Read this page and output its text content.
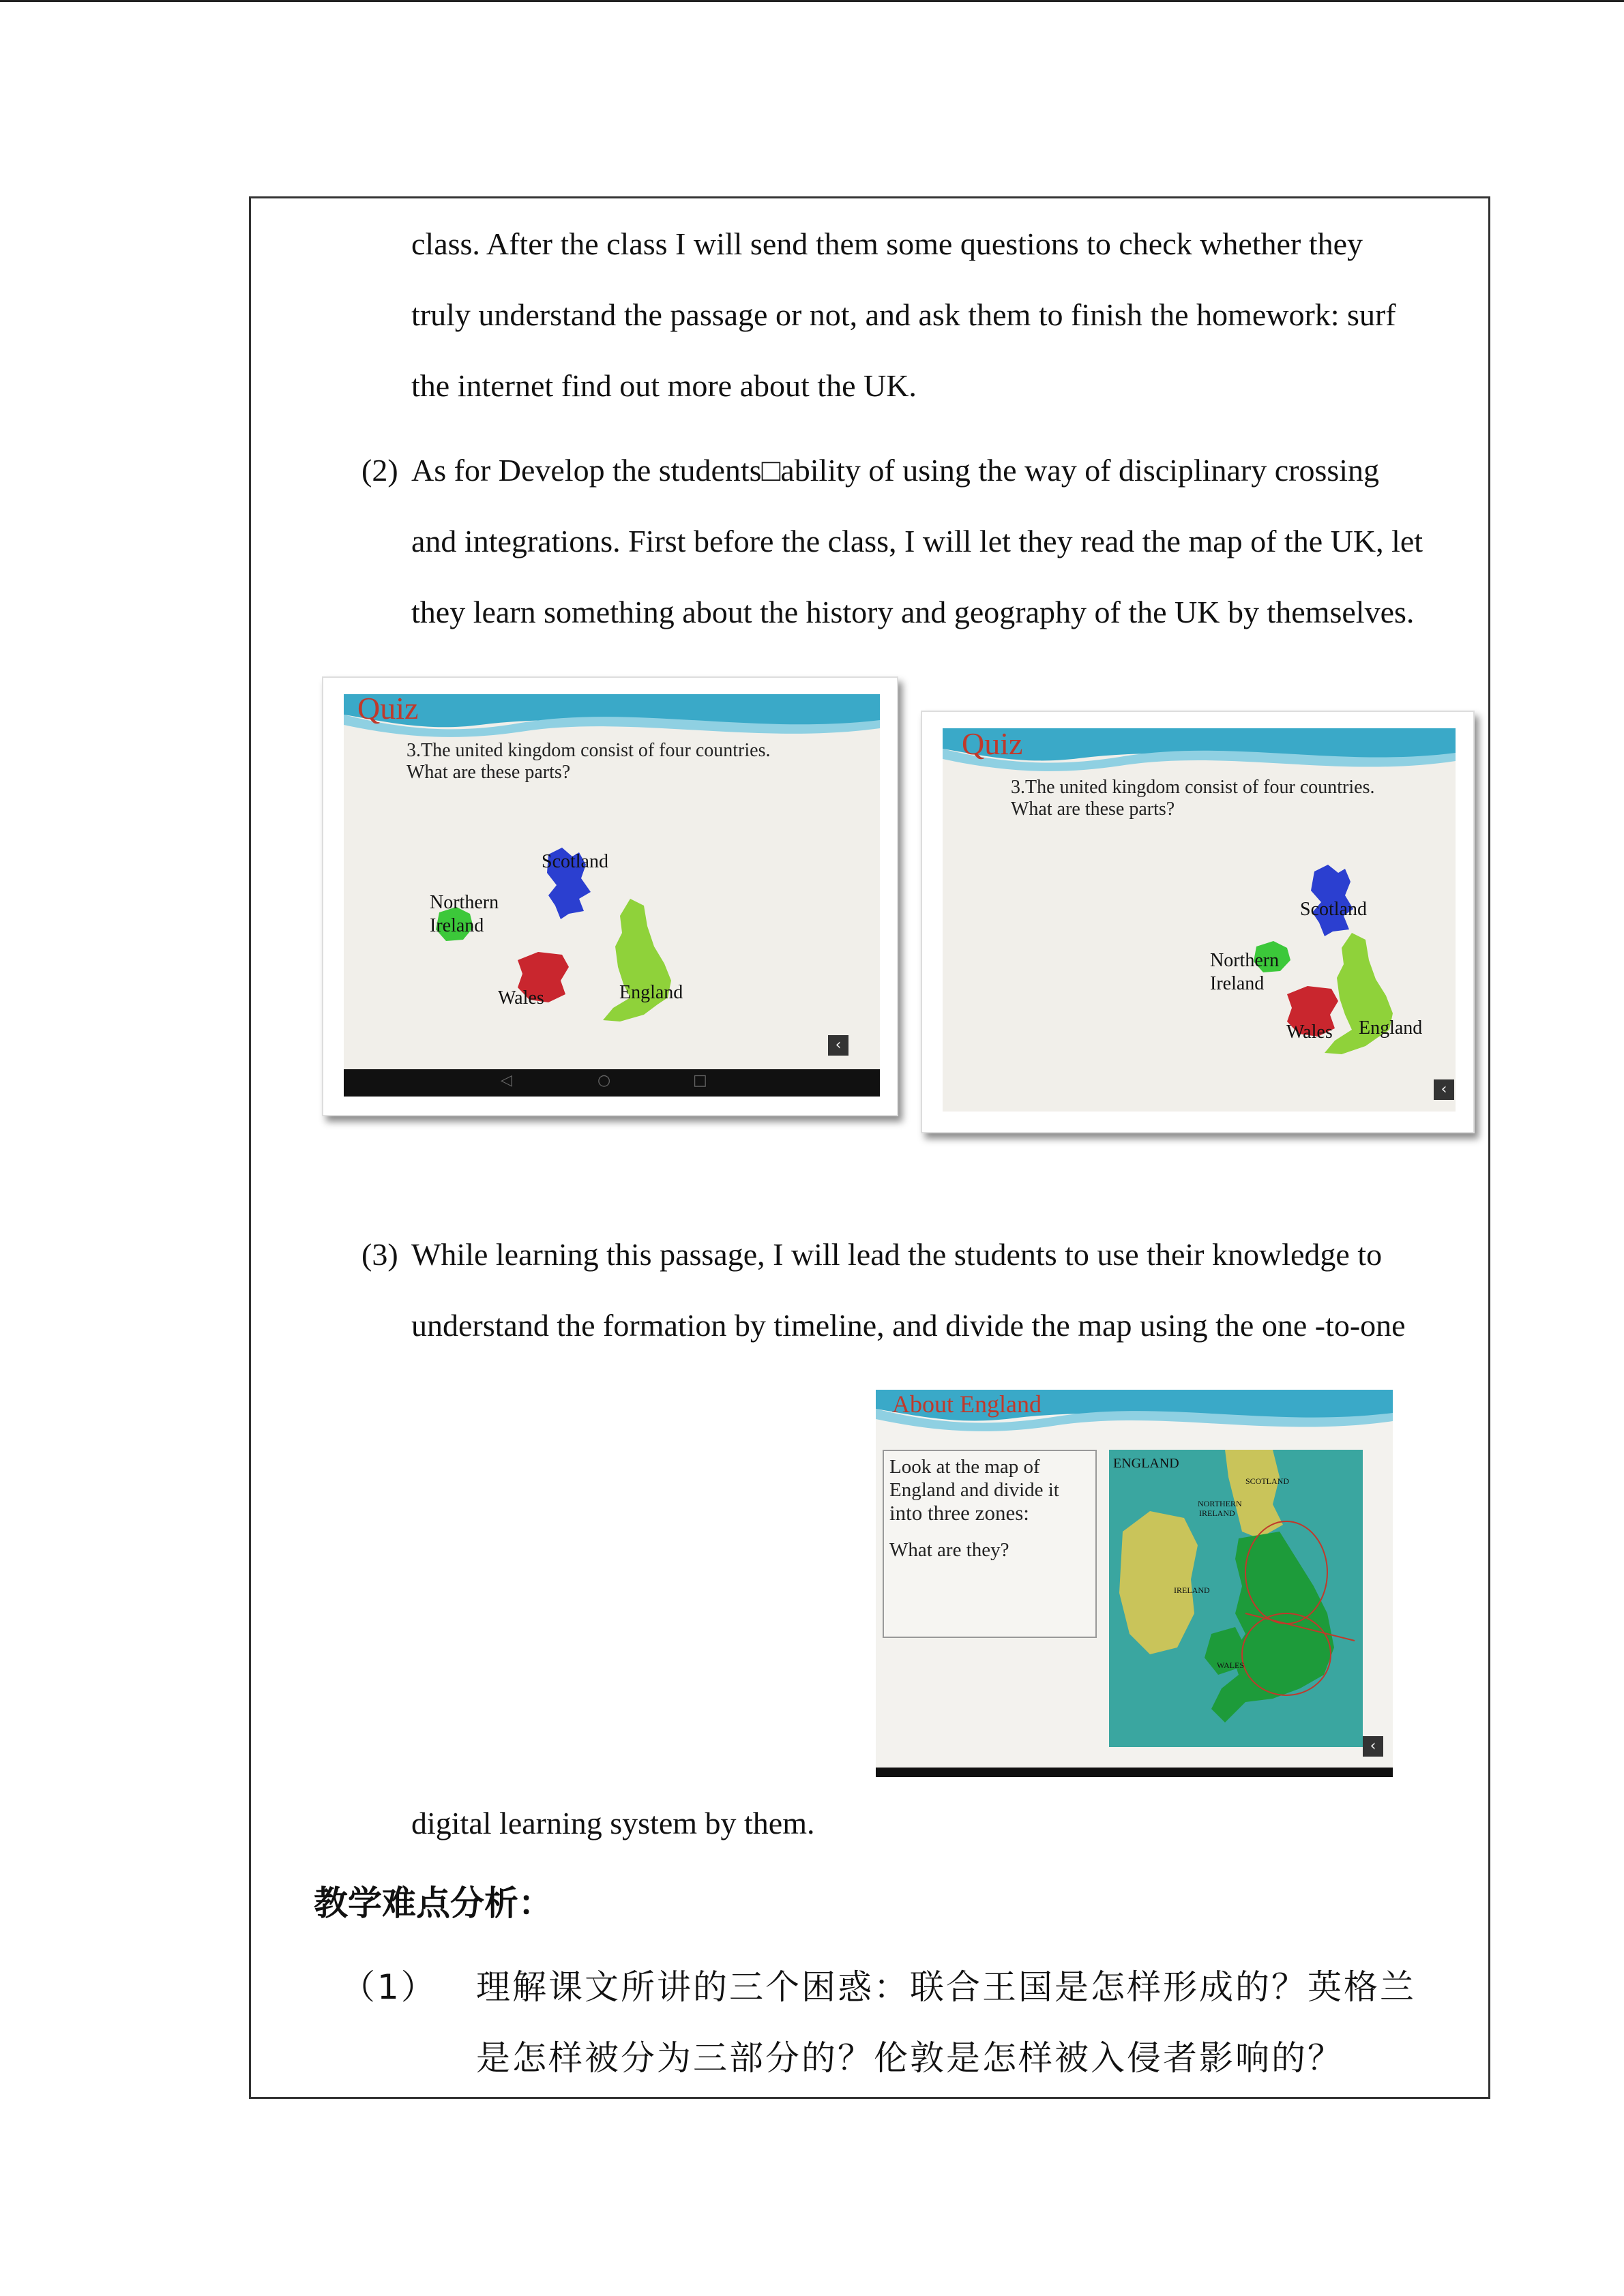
class. After the class I will send them some questions to check whether they
truly understand the passage or not, and ask them to finish the homework: surf
the internet find out more about the UK.
(2) As for Develop the students□ability of using the way of disciplinary crossing
and integrations. First before the class, I will let they read the map of the UK, let
they learn something about the history and geography of the UK by themselves.
Quiz
3.The united kingdom consist of four countries.
What are these parts?
Scotland
Northern
Ireland
Wales	England
‹
◁	○	□
Quiz
3.The united kingdom consist of four countries.
What are these parts?
Scotland
Northern
Ireland
Wales England
‹
(3) While learning this passage, I will lead the students to use their knowledge to
understand the formation by timeline, and divide the map using the one -to-one
About England
Look at the map of
England and divide it
into three zones:
What are they?
ENGLAND
SCOTLAND
NORTHERN
IRELAND
IRELAND
WALES
‹
digital learning system by them.
教学难点分析：
（1） 理解课文所讲的三个困惑：联合王国是怎样形成的？英格兰
是怎样被分为三部分的？伦敦是怎样被入侵者影响的？
